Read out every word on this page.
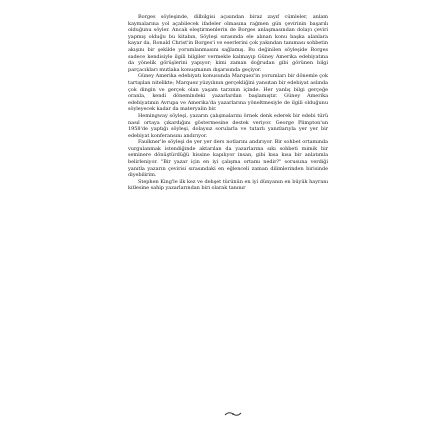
Borges söyleşinde, dilbilgisi açısından biraz zayıf cümleler, anlam kaymalarına yol açabilecek ifadeler olmasına rağmen gün çevirinin başarılı olduğunu söyler. Ancak eleştirmenlerin de Borges anlaşmasından dolayı çeviri yapmış olduğu bu kitabın, Söyleşi sırasında ele alınan konu başka alanlara kayar da, Ronald Christ'in Borges'i ve eserlerini çok yakından tanıması sohbetin akışını bir şekilde yorumlanmasını sağlamış. Bu değinilen söyleşide Borges sadece kendisiyle ilgili bilgiler vermekle kalmayıp Güney Amerika edebiyatına da yönelik görüşlerini yapıyor; kimi zaman doğrudan gibi görünen bilgi parçacıkları mutlaka konuşmanın dışarısında geçiyor.

Güney Amerika edebiyatı konusunda Marquez'in yorumları bir dönemle çok tartışılan nitelikte; Marquez yüzyılının gerçekliğini yansıtan bir edebiyat aslında çok dingin ve gerçek olan yaşam tarzının içinde. Her yanlış bilgi gerçeğe oranla, kendi dönemindeki yazarlardan başlamıştır. Güney Amerika edebiyatının Avrupa ve Amerika'da yazarlarına yöneltmesiyle de ilgili olduğunu söyleyecek kadar da materyalin bir.

Hemingway söyleşi, yazarın çalışmalarını örnek denk ederek bir edebi türü nasıl ortaya çıkardığını göstermesine destek veriyor. George Plimpton'un 1958'de yaptığı söyleşi, dolaysız sorularla ve tutarlı yanıtlarıyla yer yer bir edebiyat konferansını andırıyor.

Faulkner'le söyleşi de yer yer ders notlarını andırıyor. Bir sohbet ortamında vurgulanmak istendiğinde aktarılan da yazarlarına sıkı sohbeti mimik bir seminere dönüştürdüğü hissine kapılıyor insan, gibi kısa kısa bir anlatımla belirleniyor. "Bir yazar için en iyi çalışma ortamı nedir?" sorusuna verdiği yanıtla yazarın çevirisi sırasındaki en eğlenceli zaman dilimlerinden birisinde diyebilirim.

Stephen King'le ilk kez ve dehşet türünün en iyi dünyanın en büyük hayranı kitlesine sahip yazarlarından biri olarak tanınır
